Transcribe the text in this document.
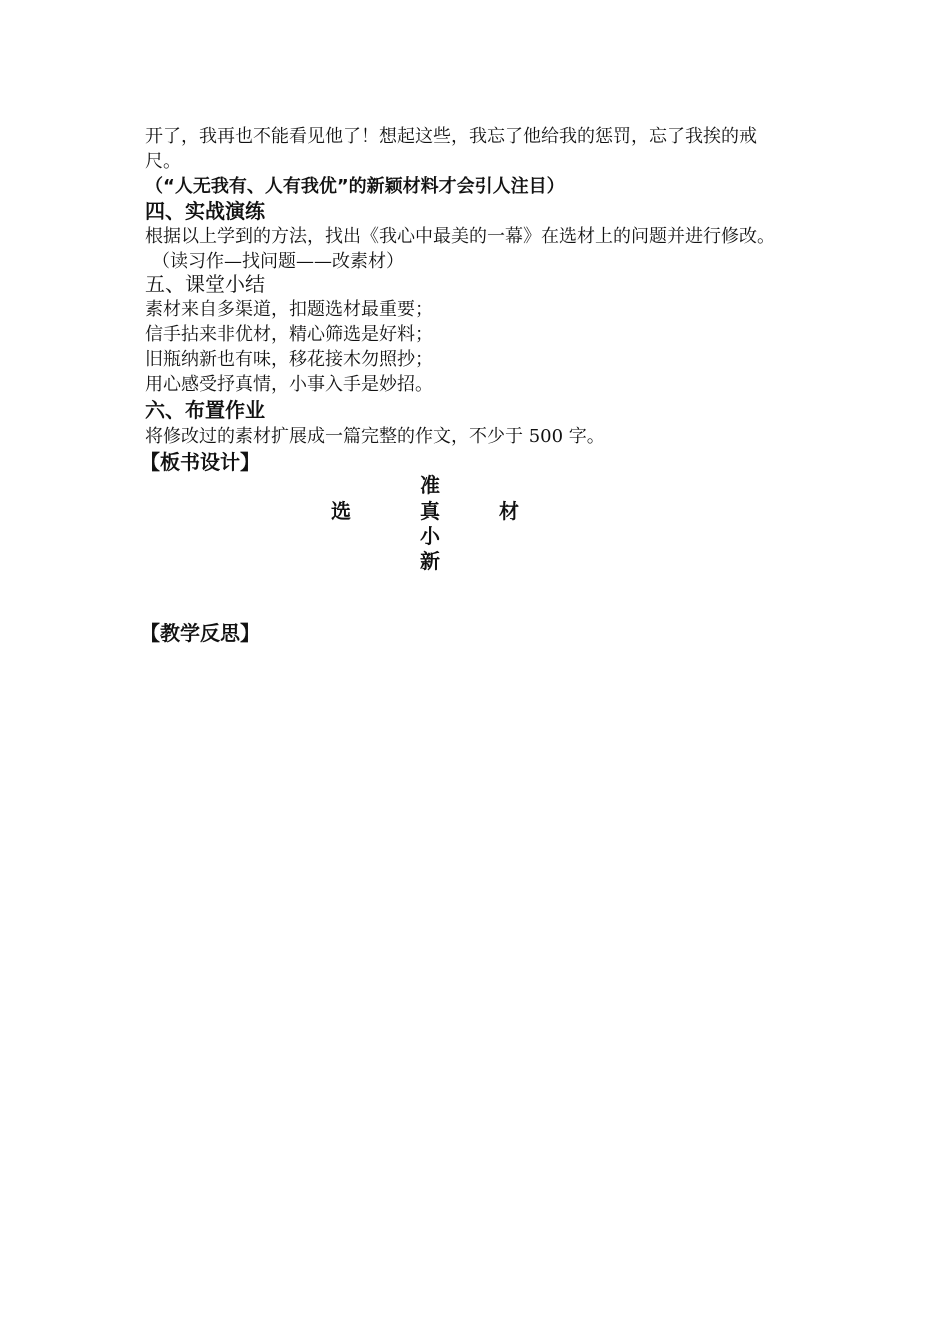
开了，我再也不能看见他了！想起这些，我忘了他给我的惩罚，忘了我挨的戒
尺。
（“人无我有、人有我优”的新颖材料才会引人注目）
四、实战演练
根据以上学到的方法，找出《我心中最美的一幕》在选材上的问题并进行修改。
（读习作—找问题——改素材）
五、课堂小结
素材来自多渠道，扣题选材最重要；
信手拈来非优材，精心筛选是好料；
旧瓶纳新也有味，移花接木勿照抄；
用心感受抒真情，小事入手是妙招。
六、布置作业
将修改过的素材扩展成一篇完整的作文，不少于 500 字。
【板书设计】
准
选	真	材
小
新
【教学反思】
